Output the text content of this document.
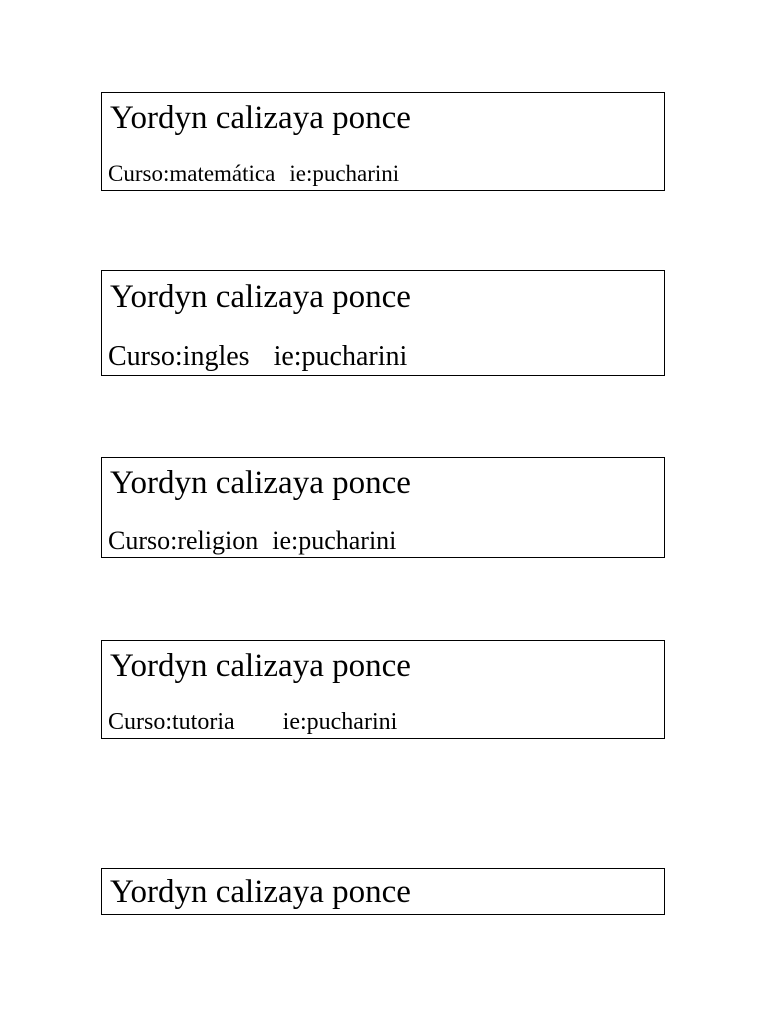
Yordyn calizaya ponce
Curso:matemática ie:pucharini
Yordyn calizaya ponce
Curso:ingles ie:pucharini
Yordyn calizaya ponce
Curso:religion ie:pucharini
Yordyn calizaya ponce
Curso:tutoria ie:pucharini
Yordyn calizaya ponce
